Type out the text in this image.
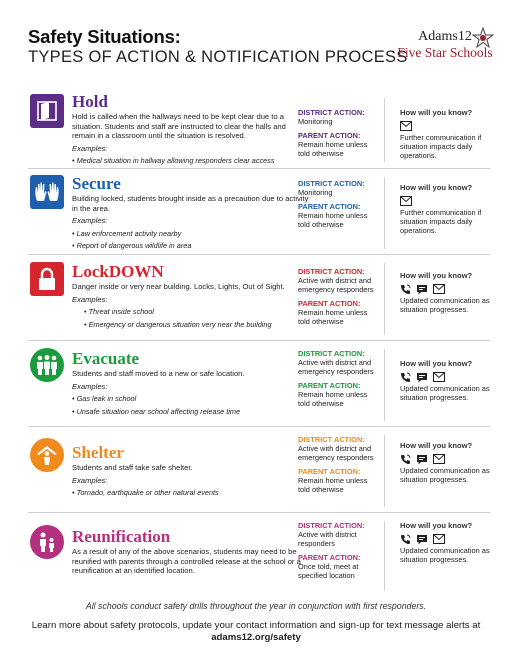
Safety Situations:
TYPES OF ACTION & NOTIFICATION PROCESS
Adams12
Five Star Schools
Hold
Hold is called when the hallways need to be kept clear due to a situation. Students and staff are instructed to clear the halls and remain in a classroom until the situation is resolved.
Examples:
• Medical situation in hallway allowing responders clear access
DISTRICT ACTION:
Monitoring
PARENT ACTION:
Remain home unless told otherwise
How will you know?
Further communication if situation impacts daily operations.
Secure
Building locked, students brought inside as a precaution due to activity in the area.
Examples:
• Law enforcement activity nearby
• Report of dangerous wildlife in area
DISTRICT ACTION:
Monitoring
PARENT ACTION:
Remain home unless told otherwise
How will you know?
Further communication if situation impacts daily operations.
LockDOWN
Danger inside or very near building. Locks, Lights, Out of Sight.
Examples:
• Threat inside school
• Emergency or dangerous situation very near the building
DISTRICT ACTION:
Active with district and emergency responders
PARENT ACTION:
Remain home unless told otherwise
How will you know?
Updated communication as situation progresses.
Evacuate
Students and staff moved to a new or safe location.
Examples:
• Gas leak in school
• Unsafe situation near school affecting release time
DISTRICT ACTION:
Active with district and emergency responders
PARENT ACTION:
Remain home unless told otherwise
How will you know?
Updated communication as situation progresses.
Shelter
Students and staff take safe shelter.
Examples:
• Tornado, earthquake or other natural events
DISTRICT ACTION:
Active with district and emergency responders
PARENT ACTION:
Remain home unless told otherwise
How will you know?
Updated communication as situation progresses.
Reunification
As a result of any of the above scenarios, students may need to be reunified with parents through a controlled release at the school or a reunification at an identified location.
DISTRICT ACTION:
Active with district responders
PARENT ACTION:
Once told, meet at specified location
How will you know?
Updated communication as situation progresses.
All schools conduct safety drills throughout the year in conjunction with first responders.
Learn more about safety protocols, update your contact information and sign-up for text message alerts at
adams12.org/safety
